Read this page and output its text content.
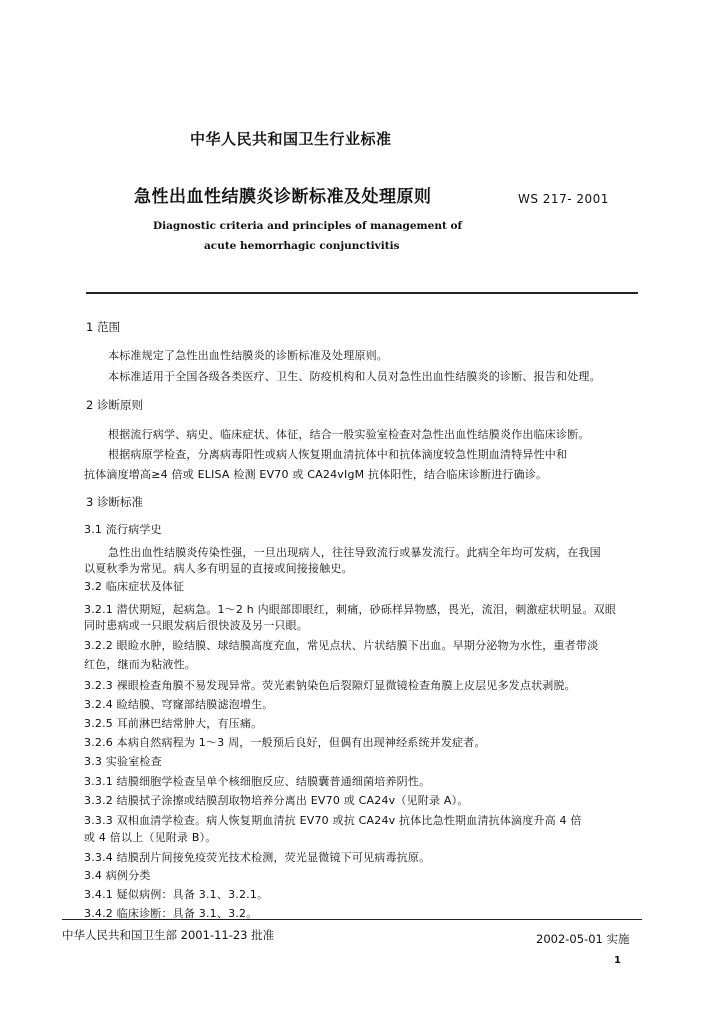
中华人民共和国卫生行业标准
急性出血性结膜炎诊断标准及处理原则	WS 217- 2001
Diagnostic criteria and principles of management of
acute hemorrhagic conjunctivitis
1 范围
本标准规定了急性出血性结膜炎的诊断标准及处理原则。
本标准适用于全国各级各类医疗、卫生、防疫机构和人员对急性出血性结膜炎的诊断、报告和处理。
2 诊断原则
根据流行病学、病史、临床症状、体征，结合一般实验室检查对急性出血性结膜炎作出临床诊断。
根据病原学检查，分离病毒阳性或病人恢复期血清抗体中和抗体滴度较急性期血清特异性中和
抗体滴度增高≥4 倍或 ELISA 检测 EV70 或 CA24vIgM 抗体阳性，结合临床诊断进行确诊。
3 诊断标准
3.1 流行病学史
急性出血性结膜炎传染性强，一旦出现病人，往往导致流行或暴发流行。此病全年均可发病，在我国
以夏秋季为常见。病人多有明显的直接或间接接触史。
3.2 临床症状及体征
3.2.1 潜伏期短，起病急。1～2 h 内眼部即眼红，刺痛，砂砾样异物感，畏光，流泪，刺激症状明显。双眼
同时患病或一只眼发病后很快波及另一只眼。
3.2.2 眼睑水肿，睑结膜、球结膜高度充血，常见点状、片状结膜下出血。早期分泌物为水性，重者带淡
红色，继而为粘液性。
3.2.3 裸眼检查角膜不易发现异常。荧光素钠染色后裂隙灯显微镜检查角膜上皮层见多发点状剥脱。
3.2.4 睑结膜、穹窿部结膜滤泡增生。
3.2.5 耳前淋巴结常肿大，有压痛。
3.2.6 本病自然病程为 1～3 周，一般预后良好，但偶有出现神经系统并发症者。
3.3 实验室检查
3.3.1 结膜细胞学检查呈单个核细胞反应、结膜囊普通细菌培养阴性。
3.3.2 结膜拭子涂擦或结膜刮取物培养分离出 EV70 或 CA24v（见附录 A）。
3.3.3 双相血清学检查。病人恢复期血清抗 EV70 或抗 CA24v 抗体比急性期血清抗体滴度升高 4 倍
或 4 倍以上（见附录 B）。
3.3.4 结膜刮片间接免疫荧光技术检测，荧光显微镜下可见病毒抗原。
3.4 病例分类
3.4.1 疑似病例：具备 3.1、3.2.1。
3.4.2 临床诊断：具备 3.1、3.2。
中华人民共和国卫生部 2001-11-23 批准	2002-05-01 实施
1
